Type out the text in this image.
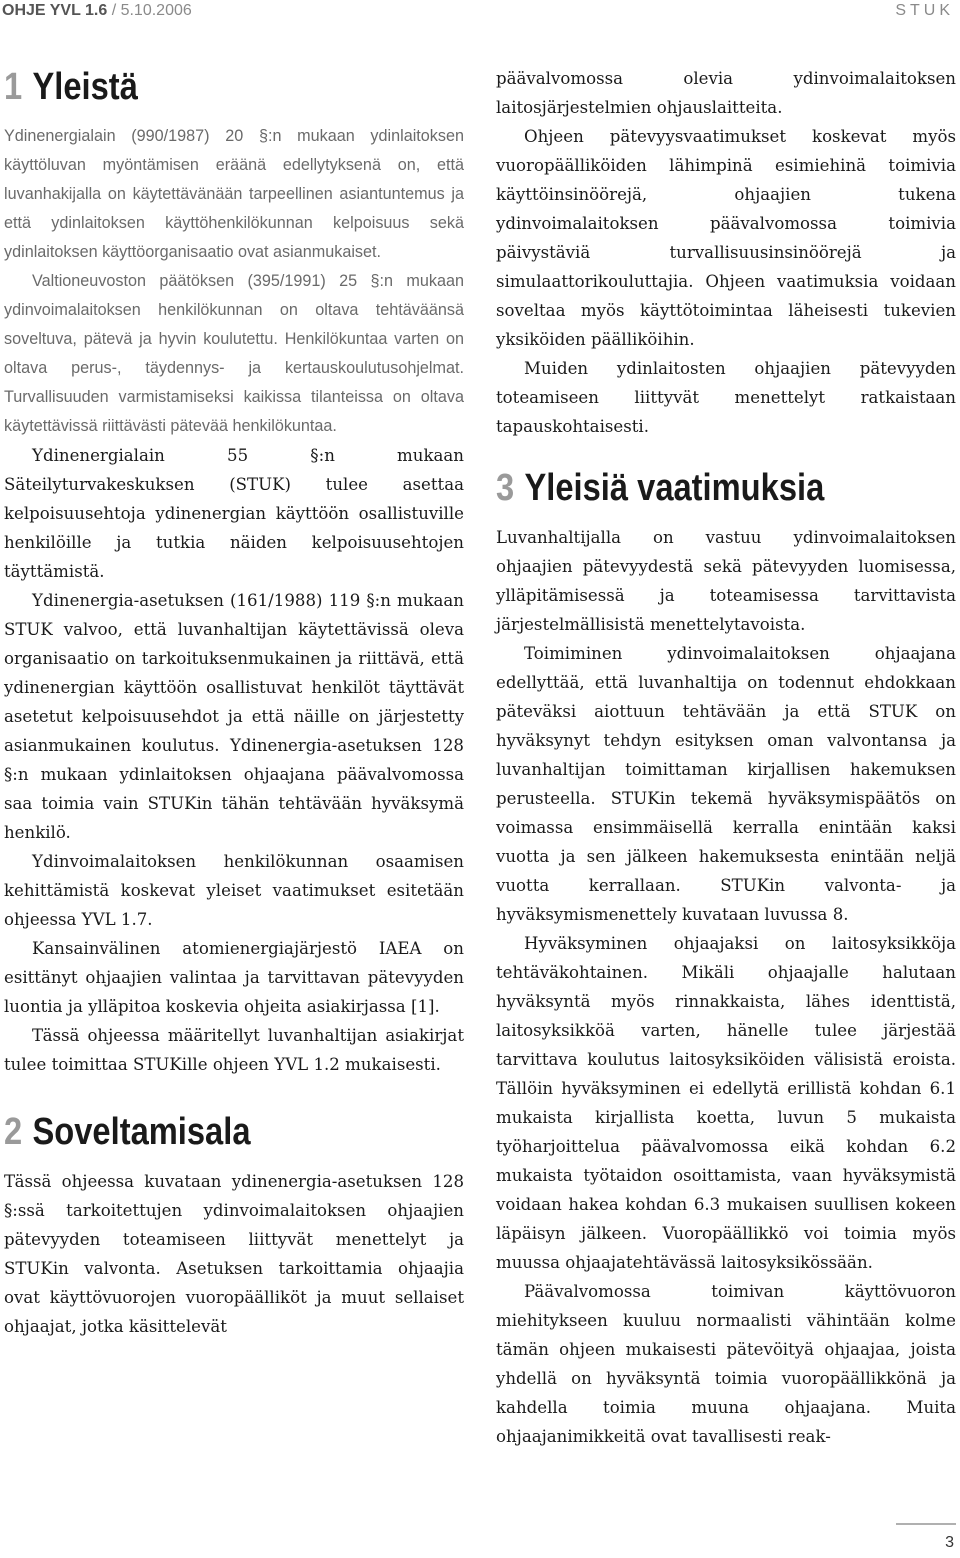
OHJE YVL 1.6 / 5.10.2006	STUK
1 Yleistä

Ydinenergialain (990/1987) 20 §:n mukaan ydinlaitoksen käyttöluvan myöntämisen eräänä edellytyksenä on, että luvanhakijalla on käytettävänään tarpeellinen asiantuntemus ja että ydinlaitoksen käyttöhenkilökunnan kelpoisuus sekä ydinlaitoksen käyttöorganisaatio ovat asianmukaiset.

Valtioneuvoston päätöksen (395/1991) 25 §:n mukaan ydinvoimalaitoksen henkilökunnan on oltava tehtäväänsä soveltuva, pätevä ja hyvin koulutettu. Henkilökuntaa varten on oltava perus-, täydennys- ja kertauskoulutusohjelmat. Turvallisuuden varmistamiseksi kaikissa tilanteissa on oltava käytettävissä riittävästi pätevää henkilökuntaa.

Ydinenergialain 55 §:n mukaan Säteilyturvakeskuksen (STUK) tulee asettaa kelpoisuusehtoja ydinenergian käyttöön osallistuville henkilöille ja tutkia näiden kelpoisuusehtojen täyttämistä.

Ydinenergia-asetuksen (161/1988) 119 §:n mukaan STUK valvoo, että luvanhaltijan käytettävissä oleva organisaatio on tarkoituksenmukainen ja riittävä, että ydinenergian käyttöön osallistuvat henkilöt täyttävät asetetut kelpoisuusehdot ja että näille on järjestetty asianmukainen koulutus. Ydinenergia-asetuksen 128 §:n mukaan ydinlaitoksen ohjaajana päävalvomossa saa toimia vain STUKin tähän tehtävään hyväksymä henkilö.

Ydinvoimalaitoksen henkilökunnan osaamisen kehittämistä koskevat yleiset vaatimukset esitetään ohjeessa YVL 1.7.

Kansainvälinen atomienergiajärjestö IAEA on esittänyt ohjaajien valintaa ja tarvittavan pätevyyden luontia ja ylläpitoa koskevia ohjeita asiakirjassa [1].

Tässä ohjeessa määritellyt luvanhaltijan asiakirjat tulee toimittaa STUKille ohjeen YVL 1.2 mukaisesti.

2 Soveltamisala

Tässä ohjeessa kuvataan ydinenergia-asetuksen 128 §:ssä tarkoitettujen ydinvoimalaitoksen ohjaajien pätevyyden toteamiseen liittyvät menettelyt ja STUKin valvonta. Asetuksen tarkoittamia ohjaajia ovat käyttövuorojen vuoropäälliköt ja muut sellaiset ohjaajat, jotka käsittelevät

päävalvomossa olevia ydinvoimalaitoksen laitosjärjestelmien ohjauslaitteita.

Ohjeen pätevyysvaatimukset koskevat myös vuoropäälliköiden lähimpinä esimiehinä toimivia käyttöinsinöörejä, ohjaajien tukena ydinvoimalaitoksen päävalvomossa toimivia päivystäviä turvallisuusinsinöörejä ja simulaattorikouluttajia. Ohjeen vaatimuksia voidaan soveltaa myös käyttötoimintaa läheisesti tukevien yksiköiden päälliköihin.

Muiden ydinlaitosten ohjaajien pätevyyden toteamiseen liittyvät menettelyt ratkaistaan tapauskohtaisesti.

3 Yleisiä vaatimuksia

Luvanhaltijalla on vastuu ydinvoimalaitoksen ohjaajien pätevyydestä sekä pätevyyden luomisessa, ylläpitämisessä ja toteamisessa tarvittavista järjestelmällisistä menettelytavoista.

Toimiminen ydinvoimalaitoksen ohjaajana edellyttää, että luvanhaltija on todennut ehdokkaan päteväksi aiottuun tehtävään ja että STUK on hyväksynyt tehdyn esityksen oman valvontansa ja luvanhaltijan toimittaman kirjallisen hakemuksen perusteella. STUKin tekemä hyväksymispäätös on voimassa ensimmäisellä kerralla enintään kaksi vuotta ja sen jälkeen hakemuksesta enintään neljä vuotta kerrallaan. STUKin valvonta- ja hyväksymismenettely kuvataan luvussa 8.

Hyväksyminen ohjaajaksi on laitosyksikköja tehtäväkohtainen. Mikäli ohjaajalle halutaan hyväksyntä myös rinnakkaista, lähes identtistä, laitosyksikköä varten, hänelle tulee järjestää tarvittava koulutus laitosyksiköiden välisistä eroista. Tällöin hyväksyminen ei edellytä erillistä kohdan 6.1 mukaista kirjallista koetta, luvun 5 mukaista työharjoittelua päävalvomossa eikä kohdan 6.2 mukaista työtaidon osoittamista, vaan hyväksymistä voidaan hakea kohdan 6.3 mukaisen suullisen kokeen läpäisyn jälkeen. Vuoropäällikkö voi toimia myös muussa ohjaajatehtävässä laitosyksikössään.

Päävalvomossa toimivan käyttövuoron miehitykseen kuuluu normaalisti vähintään kolme tämän ohjeen mukaisesti pätevöityä ohjaajaa, joista yhdellä on hyväksyntä toimia vuoropäällikkönä ja kahdella toimia muuna ohjaajana. Muita ohjaajanimikkeitä ovat tavallisesti reak-

3
